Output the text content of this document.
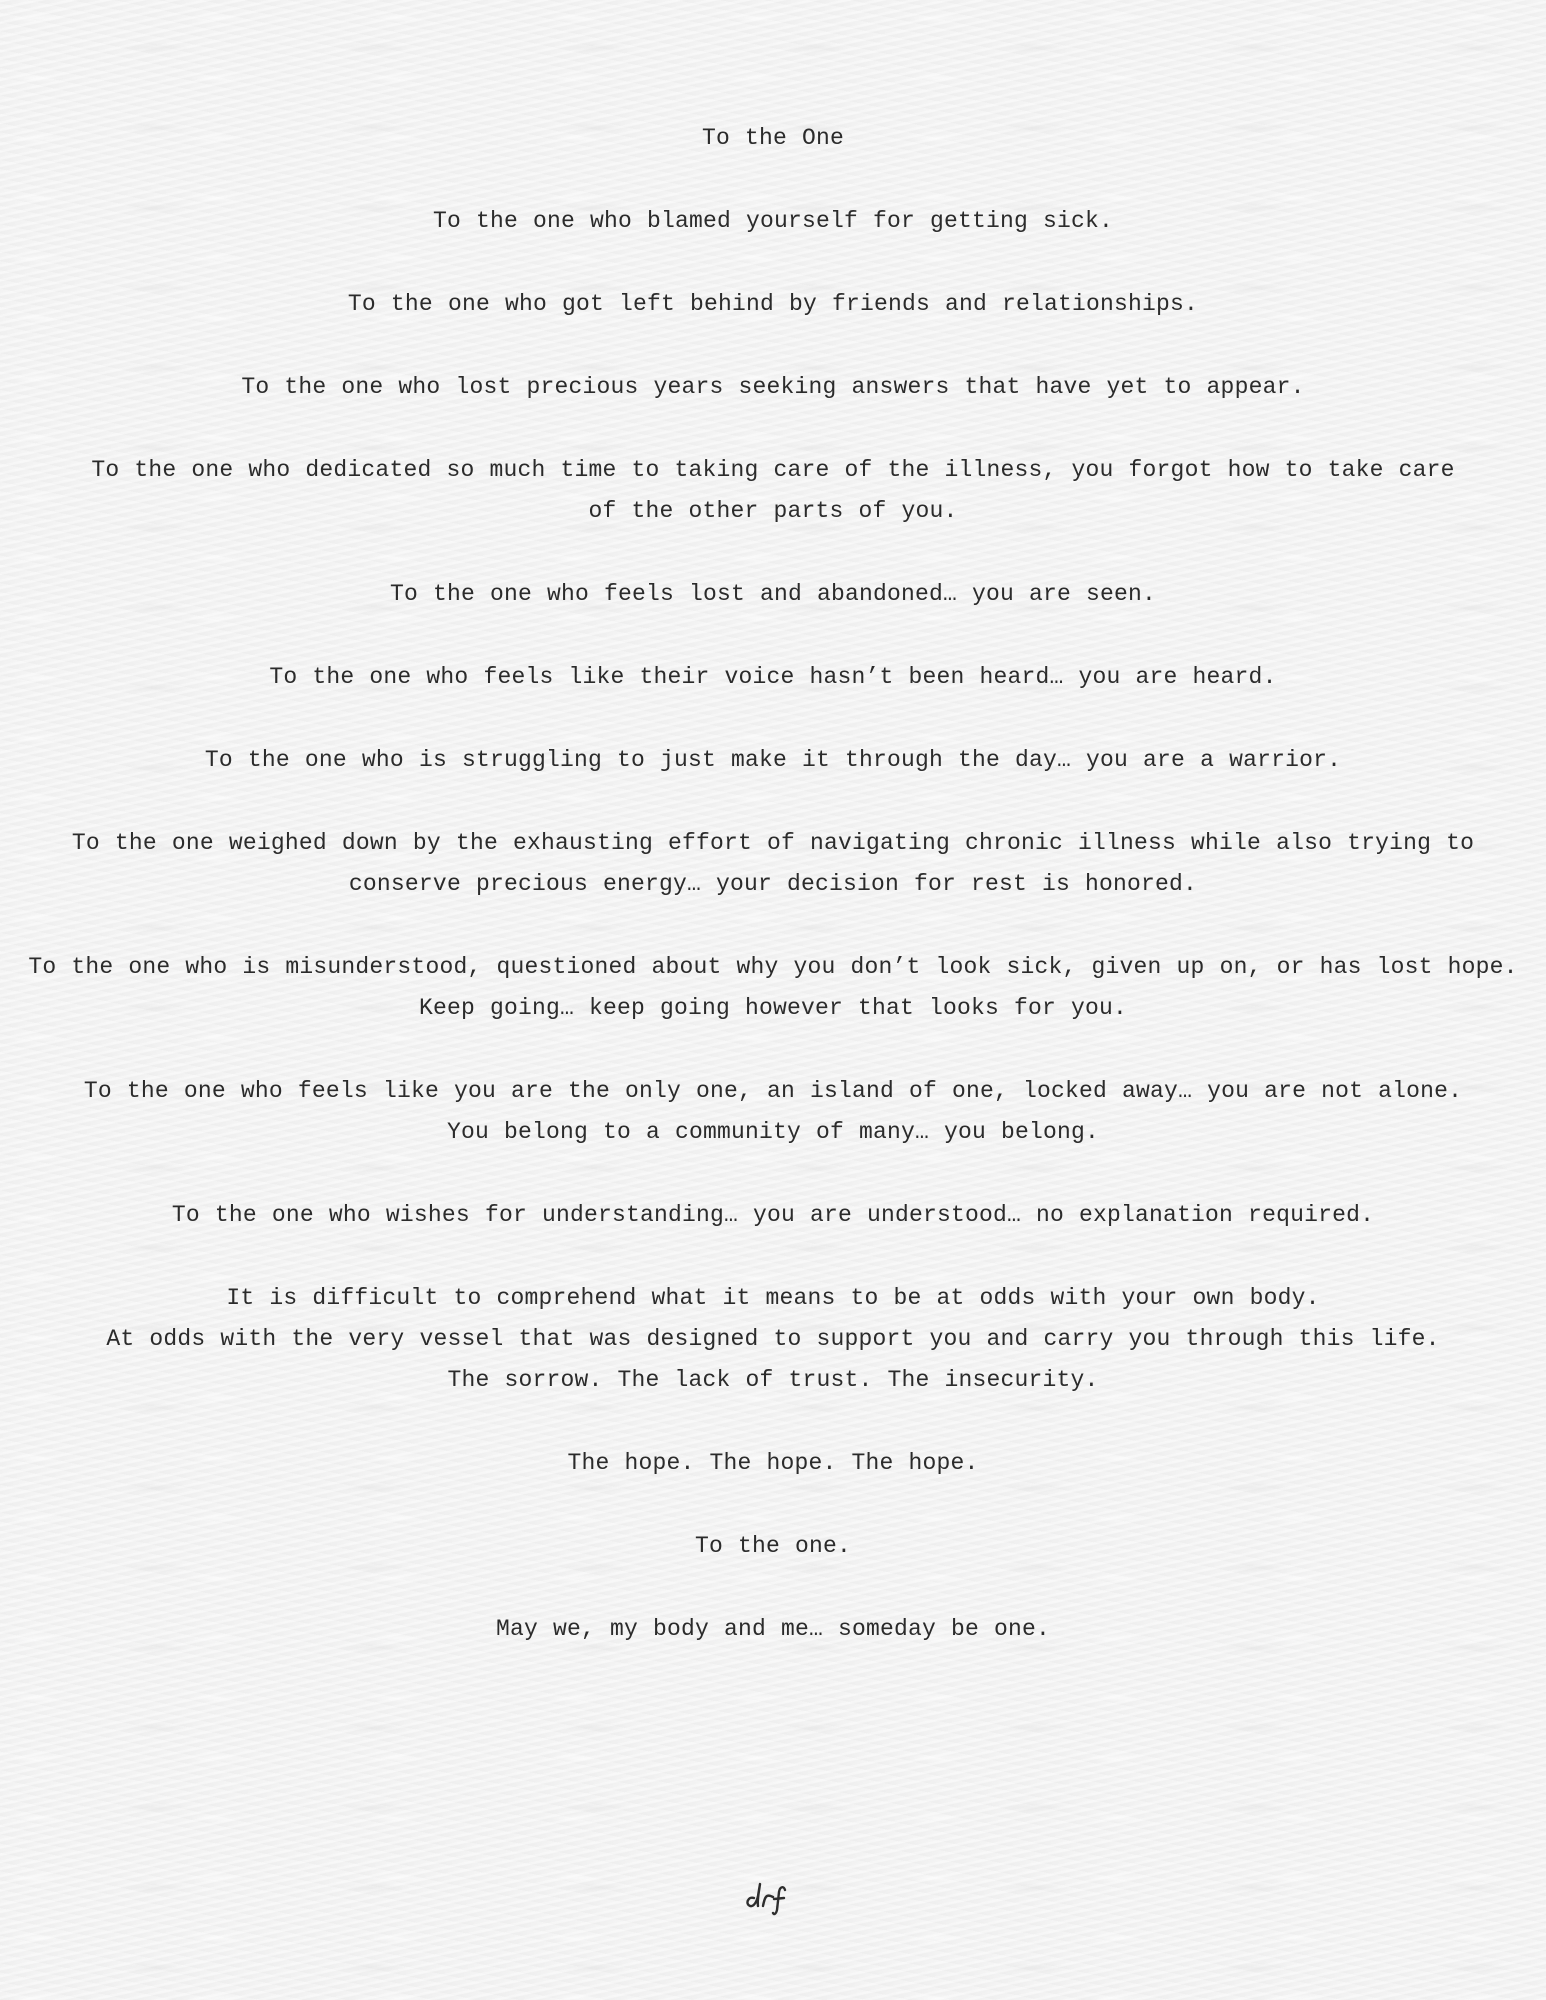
To the One
To the one who blamed yourself for getting sick.
To the one who got left behind by friends and relationships.
To the one who lost precious years seeking answers that have yet to appear.
To the one who dedicated so much time to taking care of the illness, you forgot how to take care
of the other parts of you.
To the one who feels lost and abandoned… you are seen.
To the one who feels like their voice hasn’t been heard… you are heard.
To the one who is struggling to just make it through the day… you are a warrior.
To the one weighed down by the exhausting effort of navigating chronic illness while also trying to
conserve precious energy… your decision for rest is honored.
To the one who is misunderstood, questioned about why you don’t look sick, given up on, or has lost hope.
Keep going… keep going however that looks for you.
To the one who feels like you are the only one, an island of one, locked away… you are not alone.
You belong to a community of many… you belong.
To the one who wishes for understanding… you are understood… no explanation required.
It is difficult to comprehend what it means to be at odds with your own body.
At odds with the very vessel that was designed to support you and carry you through this life.
The sorrow. The lack of trust. The insecurity.
The hope. The hope. The hope.
To the one.
May we, my body and me… someday be one.
